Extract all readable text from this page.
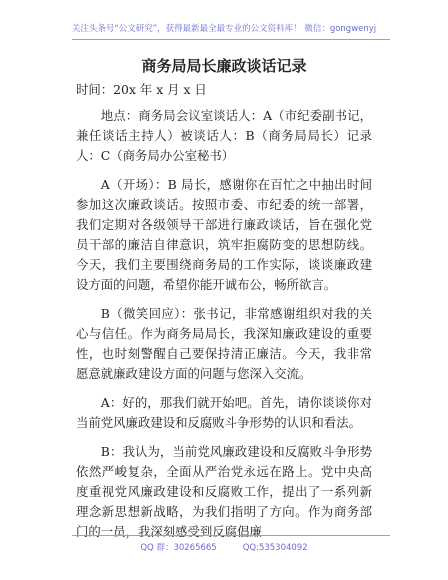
关注头条号“公文研究”，获得最新最全最专业的公文资料库！ 微信：gongwenyj
商务局局长廉政谈话记录

时间：20x 年 x 月 x 日

地点：商务局会议室谈话人：A（市纪委副书记，兼任谈话主持人）被谈话人：B（商务局局长）记录人：C（商务局办公室秘书）

A（开场）：B 局长，感谢你在百忙之中抽出时间参加这次廉政谈话。按照市委、市纪委的统一部署，我们定期对各级领导干部进行廉政谈话，旨在强化党员干部的廉洁自律意识，筑牢拒腐防变的思想防线。今天，我们主要围绕商务局的工作实际，谈谈廉政建设方面的问题，希望你能开诚布公，畅所欲言。

B（微笑回应）：张书记，非常感谢组织对我的关心与信任。作为商务局局长，我深知廉政建设的重要性，也时刻警醒自己要保持清正廉洁。今天，我非常愿意就廉政建设方面的问题与您深入交流。

A：好的，那我们就开始吧。首先，请你谈谈你对当前党风廉政建设和反腐败斗争形势的认识和看法。

B：我认为，当前党风廉政建设和反腐败斗争形势依然严峻复杂，全面从严治党永远在路上。党中央高度重视党风廉政建设和反腐败工作，提出了一系列新理念新思想新战略，为我们指明了方向。作为商务部门的一员，我深刻感受到反腐倡廉

QQ 群：30265665	QQ:535304092
